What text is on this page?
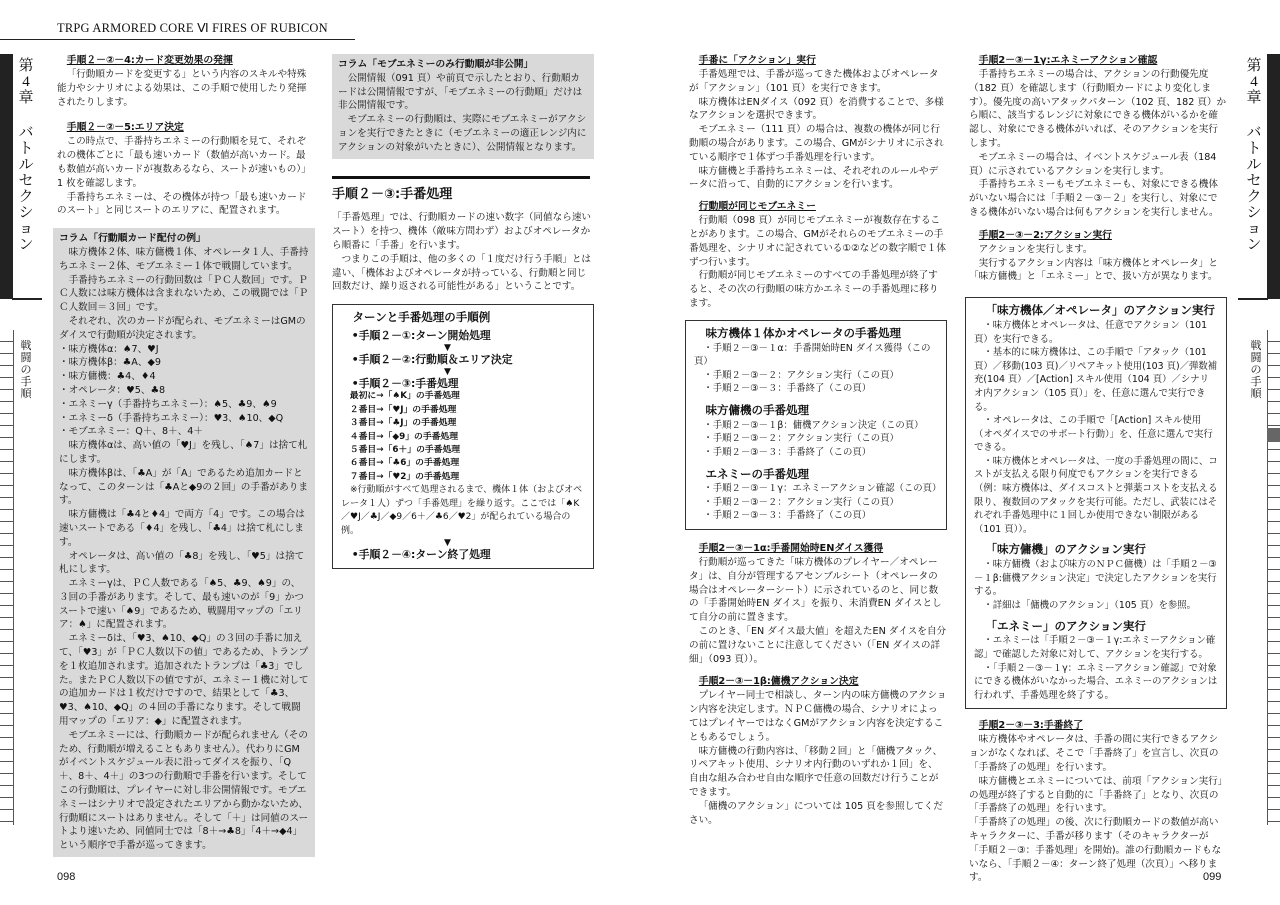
TRPG ARMORED CORE Ⅵ FIRES OF RUBICON
第
4
章
バ
ト
ル
セ
ク
シ
ョ
ン
戦
闘
の
手
順

手順２－②－4:カード変更効果の発揮

「行動順カードを変更する」という内容のスキルや特殊能力やシナリオによる効果は、この手順で使用したり発揮されたりします。

手順２－②－5:エリア決定

この時点で、手番持ちエネミーの行動順を見て、それぞれの機体ごとに「最も速いカード（数値が高いカード。最も数値が高いカードが複数あるなら、スートが速いもの）」1 枚を確認します。

手番持ちエネミーは、その機体が持つ「最も速いカードのスート」と同じスートのエリアに、配置されます。

コラム「行動順カード配付の例」

味方機体２体、味方傭機１体、オペレータ１人、手番持ちエネミー２体、モブエネミー１体で戦闘しています。

手番持ちエネミーの行動回数は「ＰＣ人数回」です。ＰＣ人数には味方機体は含まれないため、この戦闘では「ＰＣ人数回＝３回」です。

それぞれ、次のカードが配られ、モブエネミーはGMのダイスで行動順が決定されます。

・味方機体α：♠7、♥J

・味方機体β：♣A、◆9

・味方傭機：♣4、♦4

・オペレータ：♥5、♣8

・エネミーγ（手番持ちエネミー）：♠5、♣9、♠9

・エネミーδ（手番持ちエネミー）：♥3、♠10、◆Q

・モブエネミー：Q＋、8＋、4＋

味方機体αは、高い値の「♥J」を残し、「♠7」は捨て札にします。

味方機体βは、「♣A」が「A」であるため追加カードとなって、このターンは「♣Aと◆9の２回」の手番があります。

味方傭機は「♣4と♦4」で両方「4」です。この場合は速いスートである「♦4」を残し、「♣4」は捨て札にします。

オペレータは、高い値の「♣8」を残し、「♥5」は捨て札にします。

エネミーγは、ＰＣ人数である「♠5、♣9、♠9」の、３回の手番があります。そして、最も速いのが「9」かつスートで速い「♠9」であるため、戦闘用マップの「エリア：♠」に配置されます。

エネミーδは、「♥3、♠10、◆Q」の３回の手番に加えて、「♥3」が「ＰＣ人数以下の値」であるため、トランプを１枚追加されます。追加されたトランプは「♣3」でした。またＰＣ人数以下の値ですが、エネミー１機に対しての追加カードは１枚だけですので、結果として「♣3、♥3、♠10、◆Q」の４回の手番になります。そして戦闘用マップの「エリア：◆」に配置されます。

モブエネミーには、行動順カードが配られません（そのため、行動順が増えることもありません）。代わりにGMがイベントスケジュール表に沿ってダイスを振り、「Q＋、8＋、4＋」の3つの行動順で手番を行います。そしてこの行動順は、プレイヤーに対し非公開情報です。モブエネミーはシナリオで設定されたエリアから動かないため、行動順にスートはありません。そして「＋」は同値のスートより速いため、同値同士では「8＋→♣8」「4＋→◆4」という順序で手番が巡ってきます。

コラム「モブエネミーのみ行動順が非公開」

公開情報（091 頁）や前頁で示したとおり、行動順カードは公開情報ですが、「モブエネミーの行動順」だけは非公開情報です。

モブエネミーの行動順は、実際にモブエネミーがアクションを実行できたときに（モブエネミーの適正レンジ内にアクションの対象がいたときに）、公開情報となります。

手順２－③:手番処理

「手番処理」では、行動順カードの速い数字（同値なら速いスート）を持つ、機体（敵味方問わず）およびオペレータから順番に「手番」を行います。

つまりこの手順は、他の多くの「１度だけ行う手順」とは違い、「機体およびオペレータが持っている、行動順と同じ回数だけ、繰り返される可能性がある」ということです。

ターンと手番処理の手順例

•手順２－①:ターン開始処理

▼

•手順２－②:行動順＆エリア決定

▼

•手順２－③:手番処理

最初に→「♠K」の手番処理

２番目→「♥J」の手番処理

３番目→「♣J」の手番処理

４番目→「◆9」の手番処理

５番目→「6＋」の手番処理

６番目→「♣6」の手番処理

７番目→「♥2」の手番処理

※行動順がすべて処理されるまで、機体１体（およびオペレータ１人）ずつ「手番処理」を繰り返す。ここでは「♠K／♥J／♣J／◆9／6＋／♣6／♥2」が配られている場合の例。

▼

•手順２－④:ターン終了処理

手番に「アクション」実行

手番処理では、手番が巡ってきた機体およびオペレータが「アクション」（101 頁）を実行できます。

味方機体はENダイス（092 頁）を消費することで、多様なアクションを選択できます。

モブエネミー（111 頁）の場合は、複数の機体が同じ行動順の場合があります。この場合、GMがシナリオに示されている順序で１体ずつ手番処理を行います。

味方傭機と手番持ちエネミーは、それぞれのルールやデータに沿って、自動的にアクションを行います。

行動順が同じモブエネミー

行動順（098 頁）が同じモブエネミーが複数存在することがあります。この場合、GMがそれらのモブエネミーの手番処理を、シナリオに記されている①②などの数字順で１体ずつ行います。

行動順が同じモブエネミーのすべての手番処理が終了すると、その次の行動順の味方かエネミーの手番処理に移ります。

味方機体１体かオペレータの手番処理

・手順２－③－１α：手番開始時EN ダイス獲得（この頁）

・手順２－③－２：アクション実行（この頁）

・手順２－③－３：手番終了（この頁）

味方傭機の手番処理

・手順２－③－１β：傭機アクション決定（この頁）

・手順２－③－２：アクション実行（この頁）

・手順２－③－３：手番終了（この頁）

エネミーの手番処理

・手順２－③－１γ：エネミーアクション確認（この頁）

・手順２－③－２：アクション実行（この頁）

・手順２－③－３：手番終了（この頁）

手順2－③－1α:手番開始時ENダイス獲得

行動順が巡ってきた「味方機体のプレイヤー／オペレータ」は、自分が管理するアセンブルシート（オペレータの場合はオペレーターシート）に示されているのと、同じ数の「手番開始時EN ダイス」を振り、未消費EN ダイスとして自分の前に置きます。

このとき、「EN ダイス最大値」を超えたEN ダイスを自分の前に置けないことに注意してください（「EN ダイスの詳細」（093 頁））。

手順2－③－1β:傭機アクション決定

プレイヤー同士で相談し、ターン内の味方傭機のアクション内容を決定します。ＮＰＣ傭機の場合、シナリオによってはプレイヤーではなくGMがアクション内容を決定することもあるでしょう。

味方傭機の行動内容は、「移動２回」と「傭機アタック、リペアキット使用、シナリオ内行動のいずれか１回」を、自由な組み合わせ自由な順序で任意の回数だけ行うことができます。

「傭機のアクション」については 105 頁を参照してください。

手順2－③－1γ:エネミーアクション確認

手番持ちエネミーの場合は、アクションの行動優先度（182 頁）を確認します（行動順カードにより変化します）。優先度の高いアタックパターン（102 頁、182 頁）から順に、該当するレンジに対象にできる機体がいるかを確認し、対象にできる機体がいれば、そのアクションを実行します。

モブエネミーの場合は、イベントスケジュール表（184 頁）に示されているアクションを実行します。

手番持ちエネミーもモブエネミーも、対象にできる機体がいない場合には「手順２－③－２」を実行し、対象にできる機体がいない場合は何もアクションを実行しません。

手順2－③－2:アクション実行

アクションを実行します。

実行するアクション内容は「味方機体とオペレータ」と「味方傭機」と「エネミー」とで、扱い方が異なります。

「味方機体／オペレータ」のアクション実行

・味方機体とオペレータは、任意でアクション（101 頁）を実行できる。

・基本的に味方機体は、この手順で「アタック（101 頁）／移動(103 頁)／リペアキット使用(103 頁)／弾数補充(104 頁）／[Action] スキル使用（104 頁）／シナリオ内アクション（105 頁）」を、任意に選んで実行できる。

・オペレータは、この手順で「[Action] スキル使用（オペダイスでのサポート行動）」を、任意に選んで実行できる。

・味方機体とオペレータは、一度の手番処理の間に、コストが支払える限り何度でもアクションを実行できる（例：味方機体は、ダイスコストと弾薬コストを支払える限り、複数回のアタックを実行可能。ただし、武装にはそれぞれ手番処理中に１回しか使用できない制限がある（101 頁））。

「味方傭機」のアクション実行

・味方傭機（および味方のＮＰＣ傭機）は「手順２－③－１β:傭機アクション決定」で決定したアクションを実行する。

・詳細は「傭機のアクション」（105 頁）を参照。

「エネミー」のアクション実行

・エネミーは「手順２－③－１γ:エネミーアクション確認」で確認した対象に対して、アクションを実行する。

・「手順２－③－１γ：エネミーアクション確認」で対象にできる機体がいなかった場合、エネミーのアクションは行われず、手番処理を終了する。

手順2－③－3:手番終了

味方機体やオペレータは、手番の間に実行できるアクションがなくなれば、そこで「手番終了」を宣言し、次頁の「手番終了の処理」を行います。

味方傭機とエネミーについては、前項「アクション実行」の処理が終了すると自動的に「手番終了」となり、次頁の「手番終了の処理」を行います。

「手番終了の処理」の後、次に行動順カードの数値が高いキャラクターに、手番が移ります（そのキャラクターが「手順２－③：手番処理」を開始)。誰の行動順カードもないなら、「手順２－④：ターン終了処理（次頁）」へ移ります。

第
4
章
バ
ト
ル
セ
ク
シ
ョ
ン
戦
闘
の
手
順
098	099
